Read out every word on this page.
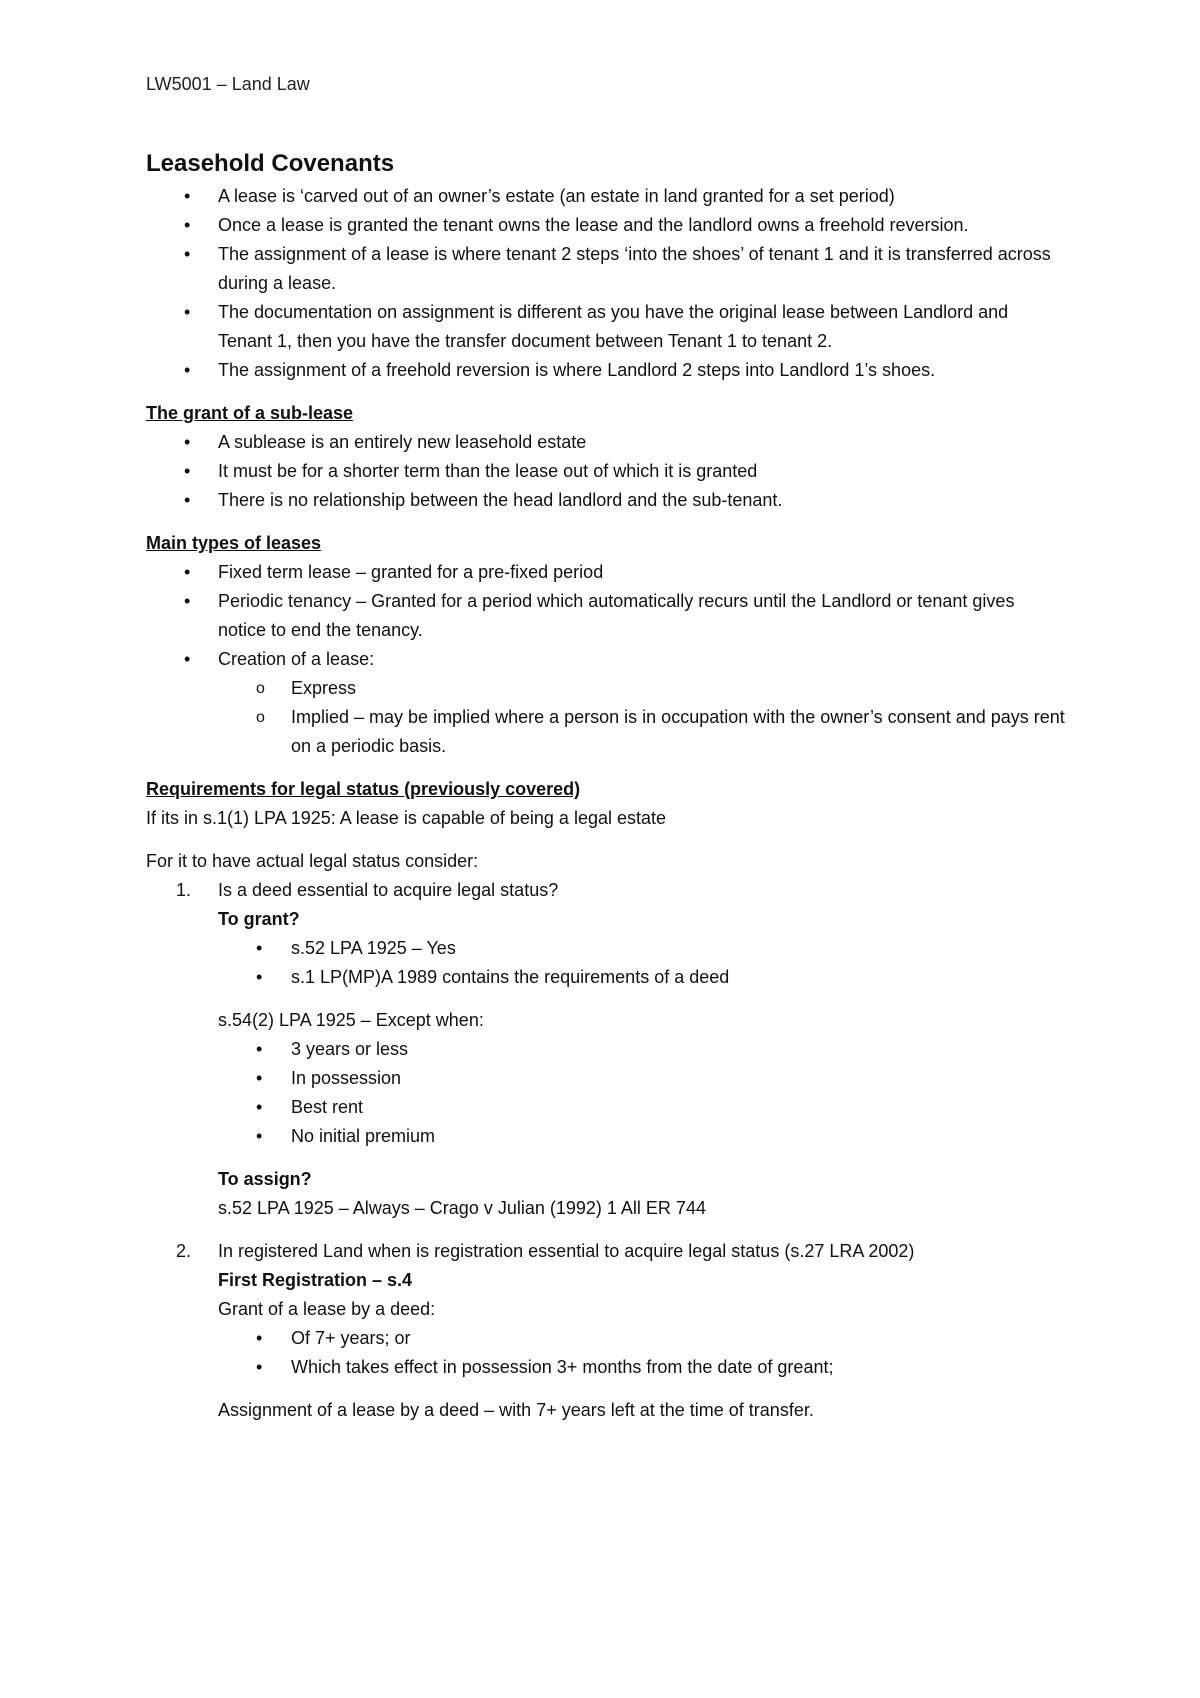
LW5001 – Land Law
Leasehold Covenants
• A lease is ‘carved out of an owner’s estate (an estate in land granted for a set period)
• Once a lease is granted the tenant owns the lease and the landlord owns a freehold reversion.
• The assignment of a lease is where tenant 2 steps ‘into the shoes’ of tenant 1 and it is transferred across during a lease.
• The documentation on assignment is different as you have the original lease between Landlord and Tenant 1, then you have the transfer document between Tenant 1 to tenant 2.
• The assignment of a freehold reversion is where Landlord 2 steps into Landlord 1’s shoes.
The grant of a sub-lease
• A sublease is an entirely new leasehold estate
• It must be for a shorter term than the lease out of which it is granted
• There is no relationship between the head landlord and the sub-tenant.
Main types of leases
• Fixed term lease – granted for a pre-fixed period
• Periodic tenancy – Granted for a period which automatically recurs until the Landlord or tenant gives notice to end the tenancy.
• Creation of a lease:
o Express
o Implied – may be implied where a person is in occupation with the owner’s consent and pays rent on a periodic basis.
Requirements for legal status (previously covered)

If its in s.1(1) LPA 1925: A lease is capable of being a legal estate

For it to have actual legal status consider:

1. Is a deed essential to acquire legal status?
To grant?
• s.52 LPA 1925 – Yes
• s.1 LP(MP)A 1989 contains the requirements of a deed
s.54(2) LPA 1925 – Except when:
• 3 years or less
• In possession
• Best rent
• No initial premium
To assign?
s.52 LPA 1925 – Always – Crago v Julian (1992) 1 All ER 744
2. In registered Land when is registration essential to acquire legal status (s.27 LRA 2002)
First Registration – s.4
Grant of a lease by a deed:
• Of 7+ years; or
• Which takes effect in possession 3+ months from the date of greant;
Assignment of a lease by a deed – with 7+ years left at the time of transfer.
